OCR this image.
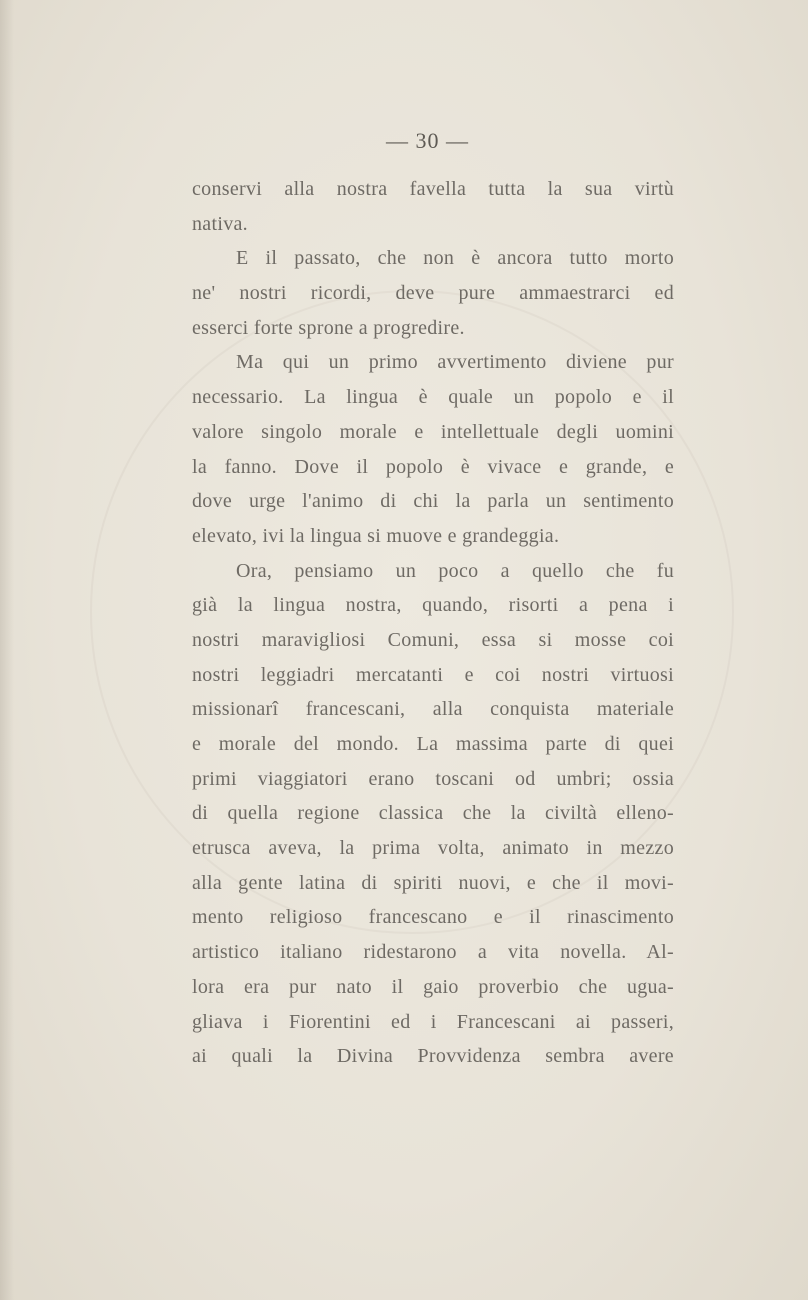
— 30 —
conservi alla nostra favella tutta la sua virtù
nativa.
E il passato, che non è ancora tutto morto
ne' nostri ricordi, deve pure ammaestrarci ed
esserci forte sprone a progredire.
Ma qui un primo avvertimento diviene pur
necessario. La lingua è quale un popolo e il
valore singolo morale e intellettuale degli uomini
la fanno. Dove il popolo è vivace e grande, e
dove urge l'animo di chi la parla un sentimento
elevato, ivi la lingua si muove e grandeggia.
Ora, pensiamo un poco a quello che fu
già la lingua nostra, quando, risorti a pena i
nostri maravigliosi Comuni, essa si mosse coi
nostri leggiadri mercatanti e coi nostri virtuosi
missionarî francescani, alla conquista materiale
e morale del mondo. La massima parte di quei
primi viaggiatori erano toscani od umbri; ossia
di quella regione classica che la civiltà elleno-
etrusca aveva, la prima volta, animato in mezzo
alla gente latina di spiriti nuovi, e che il movi-
mento religioso francescano e il rinascimento
artistico italiano ridestarono a vita novella. Al-
lora era pur nato il gaio proverbio che ugua-
gliava i Fiorentini ed i Francescani ai passeri,
ai quali la Divina Provvidenza sembra avere
